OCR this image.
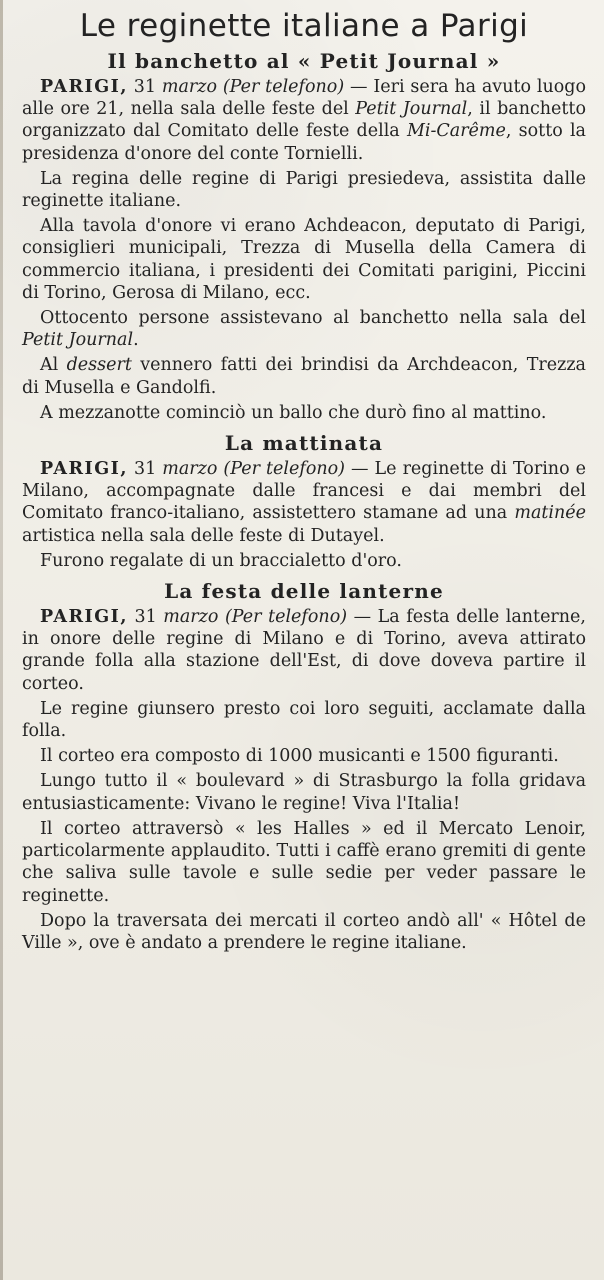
Le reginette italiane a Parigi
Il banchetto al « Petit Journal »

PARIGI, 31 marzo (Per telefono) — Ieri sera ha avuto luogo alle ore 21, nella sala delle feste del Petit Journal, il banchetto organizzato dal Comitato delle feste della Mi-Carême, sotto la presidenza d'onore del conte Tornielli.

La regina delle regine di Parigi presiedeva, assistita dalle reginette italiane.

Alla tavola d'onore vi erano Achdeacon, deputato di Parigi, consiglieri municipali, Trezza di Musella della Camera di commercio italiana, i presidenti dei Comitati parigini, Piccini di Torino, Gerosa di Milano, ecc.

Ottocento persone assistevano al banchetto nella sala del Petit Journal.

Al dessert vennero fatti dei brindisi da Archdeacon, Trezza di Musella e Gandolfi.

A mezzanotte cominciò un ballo che durò fino al mattino.

La mattinata

PARIGI, 31 marzo (Per telefono) — Le reginette di Torino e Milano, accompagnate dalle francesi e dai membri del Comitato franco-italiano, assistettero stamane ad una matinée artistica nella sala delle feste di Dutayel.

Furono regalate di un braccialetto d'oro.

La festa delle lanterne

PARIGI, 31 marzo (Per telefono) — La festa delle lanterne, in onore delle regine di Milano e di Torino, aveva attirato grande folla alla stazione dell'Est, di dove doveva partire il corteo.

Le regine giunsero presto coi loro seguiti, acclamate dalla folla.

Il corteo era composto di 1000 musicanti e 1500 figuranti.

Lungo tutto il « boulevard » di Strasburgo la folla gridava entusiasticamente: Vivano le regine! Viva l'Italia!

Il corteo attraversò « les Halles » ed il Mercato Lenoir, particolarmente applaudito. Tutti i caffè erano gremiti di gente che saliva sulle tavole e sulle sedie per veder passare le reginette.

Dopo la traversata dei mercati il corteo andò all' « Hôtel de Ville », ove è andato a prendere le regine italiane.
